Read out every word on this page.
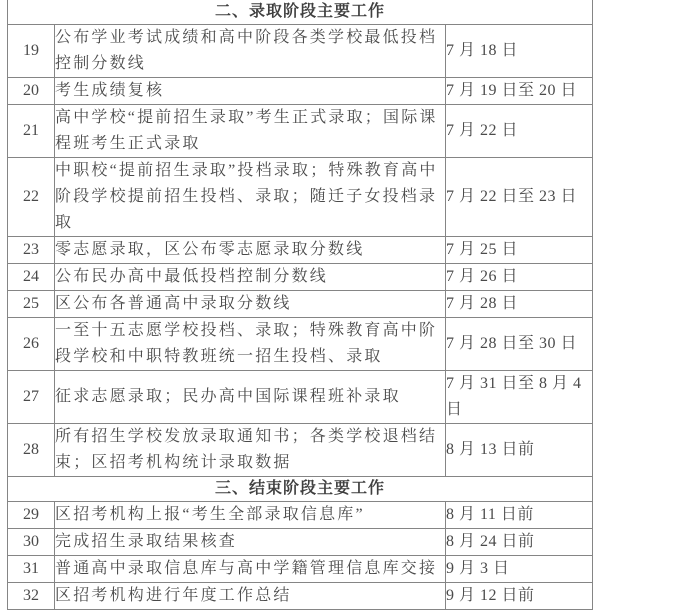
二、录取阶段主要工作		
19	公布学业考试成绩和高中阶段各类学校最低投档控制分数线	7 月 18 日
20	考生成绩复核	7 月 19 日至 20 日
21	高中学校“提前招生录取”考生正式录取；国际课程班考生正式录取	7 月 22 日
22	中职校“提前招生录取”投档录取；特殊教育高中阶段学校提前招生投档、录取；随迁子女投档录取	7 月 22 日至 23 日
23	零志愿录取，区公布零志愿录取分数线	7 月 25 日
24	公布民办高中最低投档控制分数线	7 月 26 日
25	区公布各普通高中录取分数线	7 月 28 日
26	一至十五志愿学校投档、录取；特殊教育高中阶段学校和中职特教班统一招生投档、录取	7 月 28 日至 30 日
27	征求志愿录取；民办高中国际课程班补录取	7 月 31 日至 8 月 4 日
28	所有招生学校发放录取通知书；各类学校退档结束；区招考机构统计录取数据	8 月 13 日前
三、结束阶段主要工作		
29	区招考机构上报“考生全部录取信息库”	8 月 11 日前
30	完成招生录取结果核查	8 月 24 日前
31	普通高中录取信息库与高中学籍管理信息库交接	9 月 3 日
32	区招考机构进行年度工作总结	9 月 12 日前
